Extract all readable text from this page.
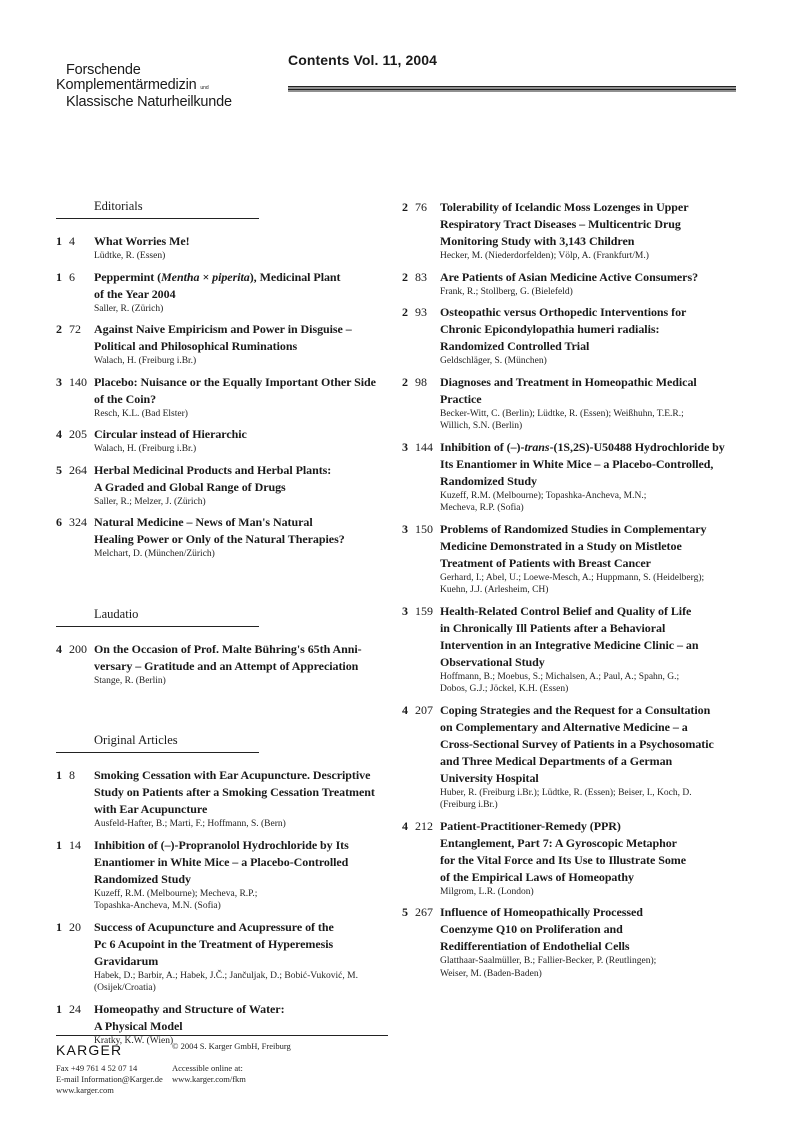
Forschende
Komplementärmedizin und
Klassische Naturheilkunde
Contents Vol. 11, 2004
Editorials
1 4 What Worries Me!
Lüdtke, R. (Essen)
1 6 Peppermint (Mentha × piperita), Medicinal Plant
of the Year 2004
Saller, R. (Zürich)
2 72 Against Naive Empiricism and Power in Disguise –
Political and Philosophical Ruminations
Walach, H. (Freiburg i.Br.)
3 140 Placebo: Nuisance or the Equally Important Other Side
of the Coin?
Resch, K.L. (Bad Elster)
4 205 Circular instead of Hierarchic
Walach, H. (Freiburg i.Br.)
5 264 Herbal Medicinal Products and Herbal Plants:
A Graded and Global Range of Drugs
Saller, R.; Melzer, J. (Zürich)
6 324 Natural Medicine – News of Man's Natural
Healing Power or Only of the Natural Therapies?
Melchart, D. (München/Zürich)
Laudatio
4 200 On the Occasion of Prof. Malte Bühring's 65th Anni-
versary – Gratitude and an Attempt of Appreciation
Stange, R. (Berlin)
Original Articles
1 8 Smoking Cessation with Ear Acupuncture. Descriptive
Study on Patients after a Smoking Cessation Treatment
with Ear Acupuncture
Ausfeld-Hafter, B.; Marti, F.; Hoffmann, S. (Bern)
1 14 Inhibition of (–)-Propranolol Hydrochloride by Its
Enantiomer in White Mice – a Placebo-Controlled
Randomized Study
Kuzeff, R.M. (Melbourne); Mecheva, R.P.;
Topashka-Ancheva, M.N. (Sofia)
1 20 Success of Acupuncture and Acupressure of the
Pc 6 Acupoint in the Treatment of Hyperemesis
Gravidarum
Habek, D.; Barbir, A.; Habek, J.Č.; Jančuljak, D.; Bobić-Vuković, M.
(Osijek/Croatia)
1 24 Homeopathy and Structure of Water:
A Physical Model
Kratky, K.W. (Wien)
2 76 Tolerability of Icelandic Moss Lozenges in Upper
Respiratory Tract Diseases – Multicentric Drug
Monitoring Study with 3,143 Children
Hecker, M. (Niederdorfelden); Völp, A. (Frankfurt/M.)
2 83 Are Patients of Asian Medicine Active Consumers?
Frank, R.; Stollberg, G. (Bielefeld)
2 93 Osteopathic versus Orthopedic Interventions for
Chronic Epicondylopathia humeri radialis:
Randomized Controlled Trial
Geldschläger, S. (München)
2 98 Diagnoses and Treatment in Homeopathic Medical
Practice
Becker-Witt, C. (Berlin); Lüdtke, R. (Essen); Weißhuhn, T.E.R.;
Willich, S.N. (Berlin)
3 144 Inhibition of (–)-trans-(1S,2S)-U50488 Hydrochloride by
Its Enantiomer in White Mice – a Placebo-Controlled,
Randomized Study
Kuzeff, R.M. (Melbourne); Topashka-Ancheva, M.N.;
Mecheva, R.P. (Sofia)
3 150 Problems of Randomized Studies in Complementary
Medicine Demonstrated in a Study on Mistletoe
Treatment of Patients with Breast Cancer
Gerhard, I.; Abel, U.; Loewe-Mesch, A.; Huppmann, S. (Heidelberg);
Kuehn, J.J. (Arlesheim, CH)
3 159 Health-Related Control Belief and Quality of Life
in Chronically Ill Patients after a Behavioral
Intervention in an Integrative Medicine Clinic – an
Observational Study
Hoffmann, B.; Moebus, S.; Michalsen, A.; Paul, A.; Spahn, G.;
Dobos, G.J.; Jöckel, K.H. (Essen)
4 207 Coping Strategies and the Request for a Consultation
on Complementary and Alternative Medicine – a
Cross-Sectional Survey of Patients in a Psychosomatic
and Three Medical Departments of a German
University Hospital
Huber, R. (Freiburg i.Br.); Lüdtke, R. (Essen); Beiser, I., Koch, D.
(Freiburg i.Br.)
4 212 Patient-Practitioner-Remedy (PPR)
Entanglement, Part 7: A Gyroscopic Metaphor
for the Vital Force and Its Use to Illustrate Some
of the Empirical Laws of Homeopathy
Milgrom, L.R. (London)
5 267 Influence of Homeopathically Processed
Coenzyme Q10 on Proliferation and
Redifferentiation of Endothelial Cells
Glatthaar-Saalmüller, B.; Fallier-Becker, P. (Reutlingen);
Weiser, M. (Baden-Baden)
KARGER
Fax +49 761 4 52 07 14
E-mail Information@Karger.de
www.karger.com
© 2004 S. Karger GmbH, Freiburg
Accessible online at:
www.karger.com/fkm
